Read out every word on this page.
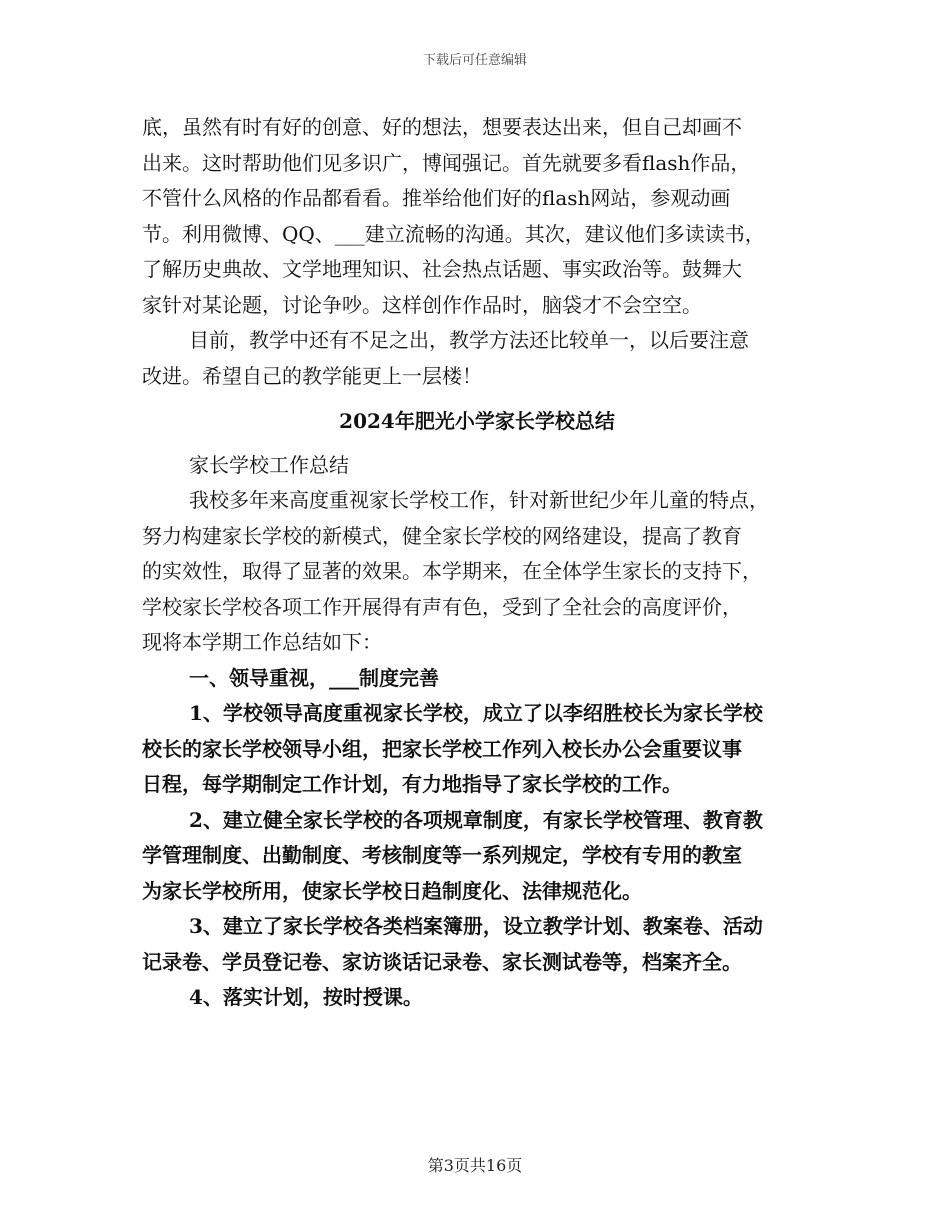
下载后可任意编辑
底，虽然有时有好的创意、好的想法，想要表达出来，但自己却画不
出来。这时帮助他们见多识广，博闻强记。首先就要多看flash作品，
不管什么风格的作品都看看。推举给他们好的flash网站，参观动画
节。利用微博、QQ、___建立流畅的沟通。其次，建议他们多读读书，
了解历史典故、文学地理知识、社会热点话题、事实政治等。鼓舞大
家针对某论题，讨论争吵。这样创作作品时，脑袋才不会空空。
目前，教学中还有不足之出，教学方法还比较单一，以后要注意
改进。希望自己的教学能更上一层楼！
2024年肥光小学家长学校总结
家长学校工作总结
我校多年来高度重视家长学校工作，针对新世纪少年儿童的特点，
努力构建家长学校的新模式，健全家长学校的网络建设，提高了教育
的实效性，取得了显著的效果。本学期来，在全体学生家长的支持下，
学校家长学校各项工作开展得有声有色，受到了全社会的高度评价，
现将本学期工作总结如下：
一、领导重视，___制度完善
1、学校领导高度重视家长学校，成立了以李绍胜校长为家长学校
校长的家长学校领导小组，把家长学校工作列入校长办公会重要议事
日程，每学期制定工作计划，有力地指导了家长学校的工作。
2、建立健全家长学校的各项规章制度，有家长学校管理、教育教
学管理制度、出勤制度、考核制度等一系列规定，学校有专用的教室
为家长学校所用，使家长学校日趋制度化、法律规范化。
3、建立了家长学校各类档案簿册，设立教学计划、教案卷、活动
记录卷、学员登记卷、家访谈话记录卷、家长测试卷等，档案齐全。
4、落实计划，按时授课。
第3页共16页
